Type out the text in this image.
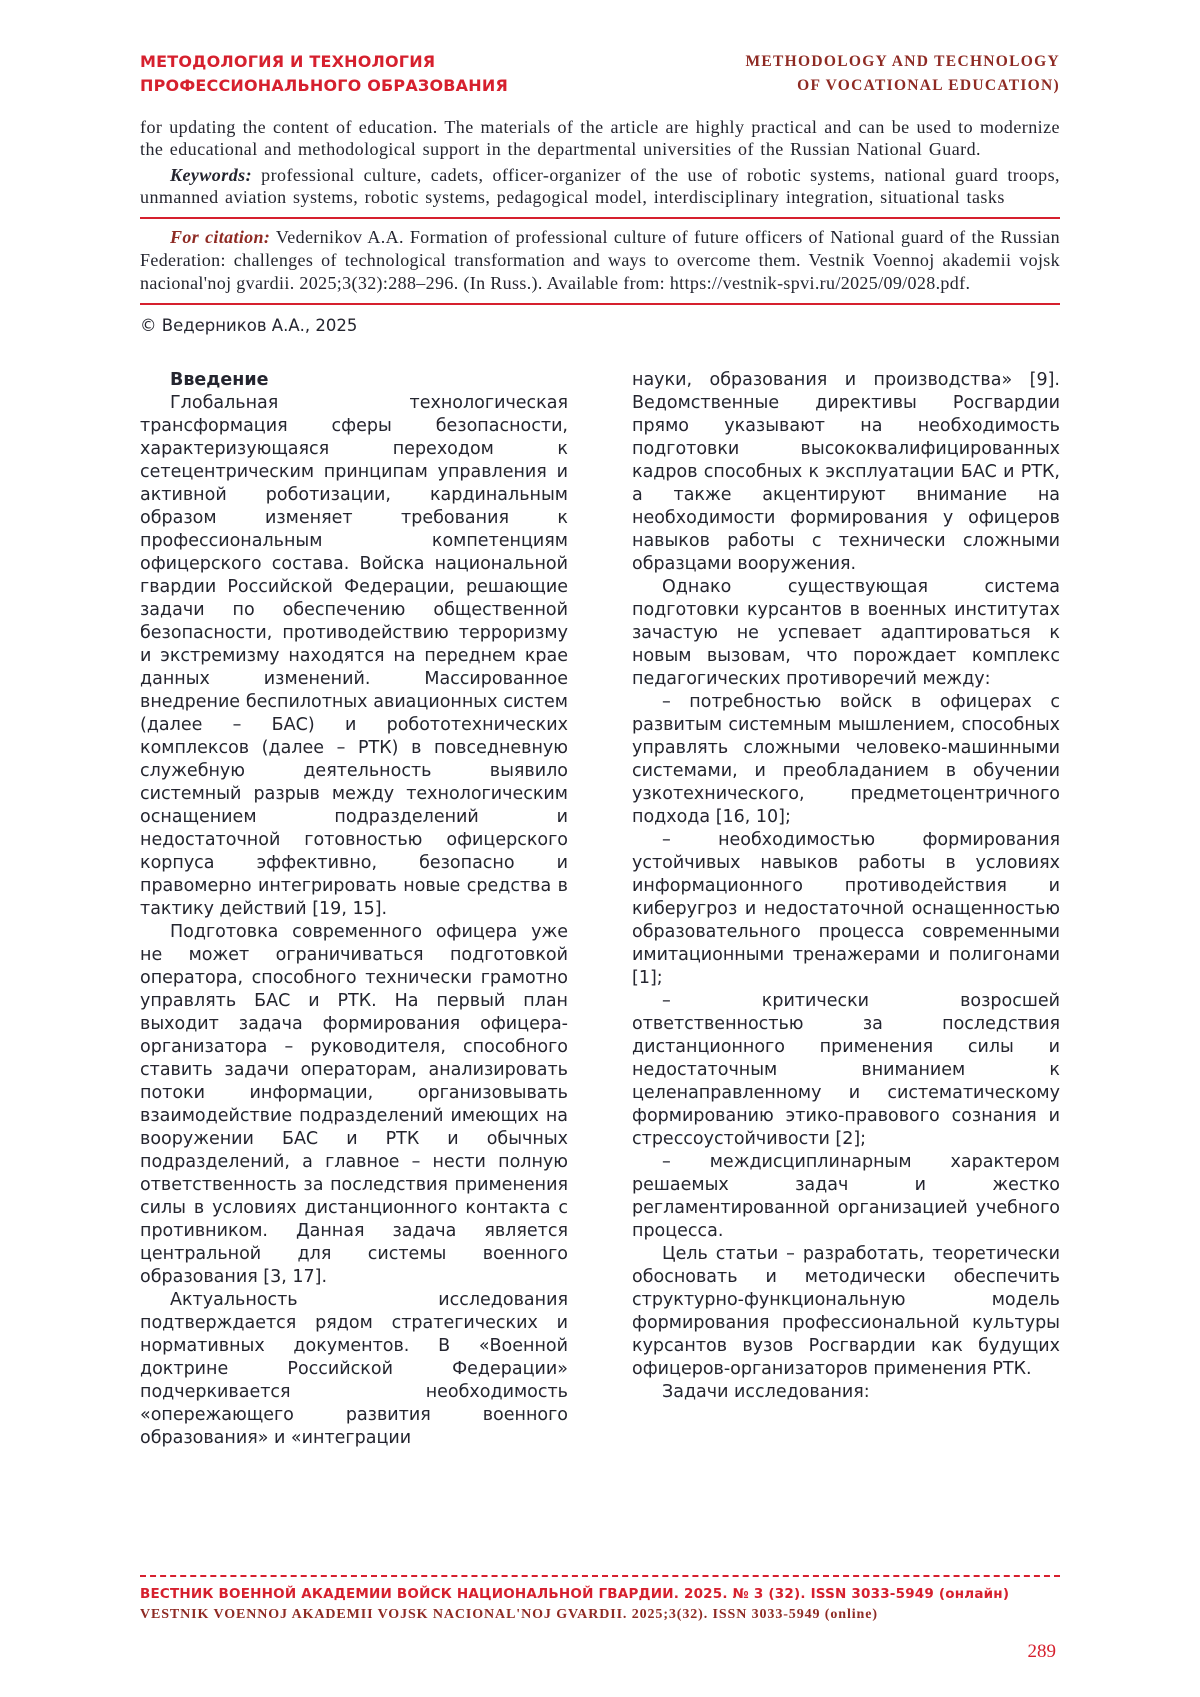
МЕТОДОЛОГИЯ И ТЕХНОЛОГИЯ
ПРОФЕССИОНАЛЬНОГО ОБРАЗОВАНИЯ
METHODOLOGY AND TECHNOLOGY
OF VOCATIONAL EDUCATION)

for updating the content of education. The materials of the article are highly practical and can be used to modernize the educational and methodological support in the departmental universities of the Russian National Guard.

Keywords: professional culture, cadets, officer-organizer of the use of robotic systems, national guard troops, unmanned aviation systems, robotic systems, pedagogical model, interdisciplinary integration, situational tasks

For citation: Vedernikov A.A. Formation of professional culture of future officers of National guard of the Russian Federation: challenges of technological transformation and ways to overcome them. Vestnik Voennoj akademii vojsk nacional'noj gvardii. 2025;3(32):288–296. (In Russ.). Available from: https://vestnik-spvi.ru/2025/09/028.pdf.

© Ведерников А.А., 2025

Введение

Глобальная технологическая трансформация сферы безопасности, характеризующаяся переходом к сетецентрическим принципам управления и активной роботизации, кардинальным образом изменяет требования к профессиональным компетенциям офицерского состава. Войска национальной гвардии Российской Федерации, решающие задачи по обеспечению общественной безопасности, противодействию терроризму и экстремизму находятся на переднем крае данных изменений. Массированное внедрение беспилотных авиационных систем (далее – БАС) и робототехнических комплексов (далее – РТК) в повседневную служебную деятельность выявило системный разрыв между технологическим оснащением подразделений и недостаточной готовностью офицерского корпуса эффективно, безопасно и правомерно интегрировать новые средства в тактику действий [19, 15].

Подготовка современного офицера уже не может ограничиваться подготовкой оператора, способного технически грамотно управлять БАС и РТК. На первый план выходит задача формирования офицера-организатора – руководителя, способного ставить задачи операторам, анализировать потоки информации, организовывать взаимодействие подразделений имеющих на вооружении БАС и РТК и обычных подразделений, а главное – нести полную ответственность за последствия применения силы в условиях дистанционного контакта с противником. Данная задача является центральной для системы военного образования [3, 17].

Актуальность исследования подтверждается рядом стратегических и нормативных документов. В «Военной доктрине Российской Федерации» подчеркивается необходимость «опережающего развития военного образования» и «интеграции

науки, образования и производства» [9]. Ведомственные директивы Росгвардии прямо указывают на необходимость подготовки высококвалифицированных кадров способных к эксплуатации БАС и РТК, а также акцентируют внимание на необходимости формирования у офицеров навыков работы с технически сложными образцами вооружения.

Однако существующая система подготовки курсантов в военных институтах зачастую не успевает адаптироваться к новым вызовам, что порождает комплекс педагогических противоречий между:

– потребностью войск в офицерах с развитым системным мышлением, способных управлять сложными человеко-машинными системами, и преобладанием в обучении узкотехнического, предметоцентричного подхода [16, 10];

– необходимостью формирования устойчивых навыков работы в условиях информационного противодействия и киберугроз и недостаточной оснащенностью образовательного процесса современными имитационными тренажерами и полигонами [1];

– критически возросшей ответственностью за последствия дистанционного применения силы и недостаточным вниманием к целенаправленному и систематическому формированию этико-правового сознания и стрессоустойчивости [2];

– междисциплинарным характером решаемых задач и жестко регламентированной организацией учебного процесса.

Цель статьи – разработать, теоретически обосновать и методически обеспечить структурно-функциональную модель формирования профессиональной культуры курсантов вузов Росгвардии как будущих офицеров-организаторов применения РТК.

Задачи исследования:

ВЕСТНИК ВОЕННОЙ АКАДЕМИИ ВОЙСК НАЦИОНАЛЬНОЙ ГВАРДИИ. 2025. № 3 (32). ISSN 3033-5949 (онлайн)
VESTNIK VOENNOJ AKADEMII VOJSK NACIONAL'NOJ GVARDII. 2025;3(32). ISSN 3033-5949 (online)
289
